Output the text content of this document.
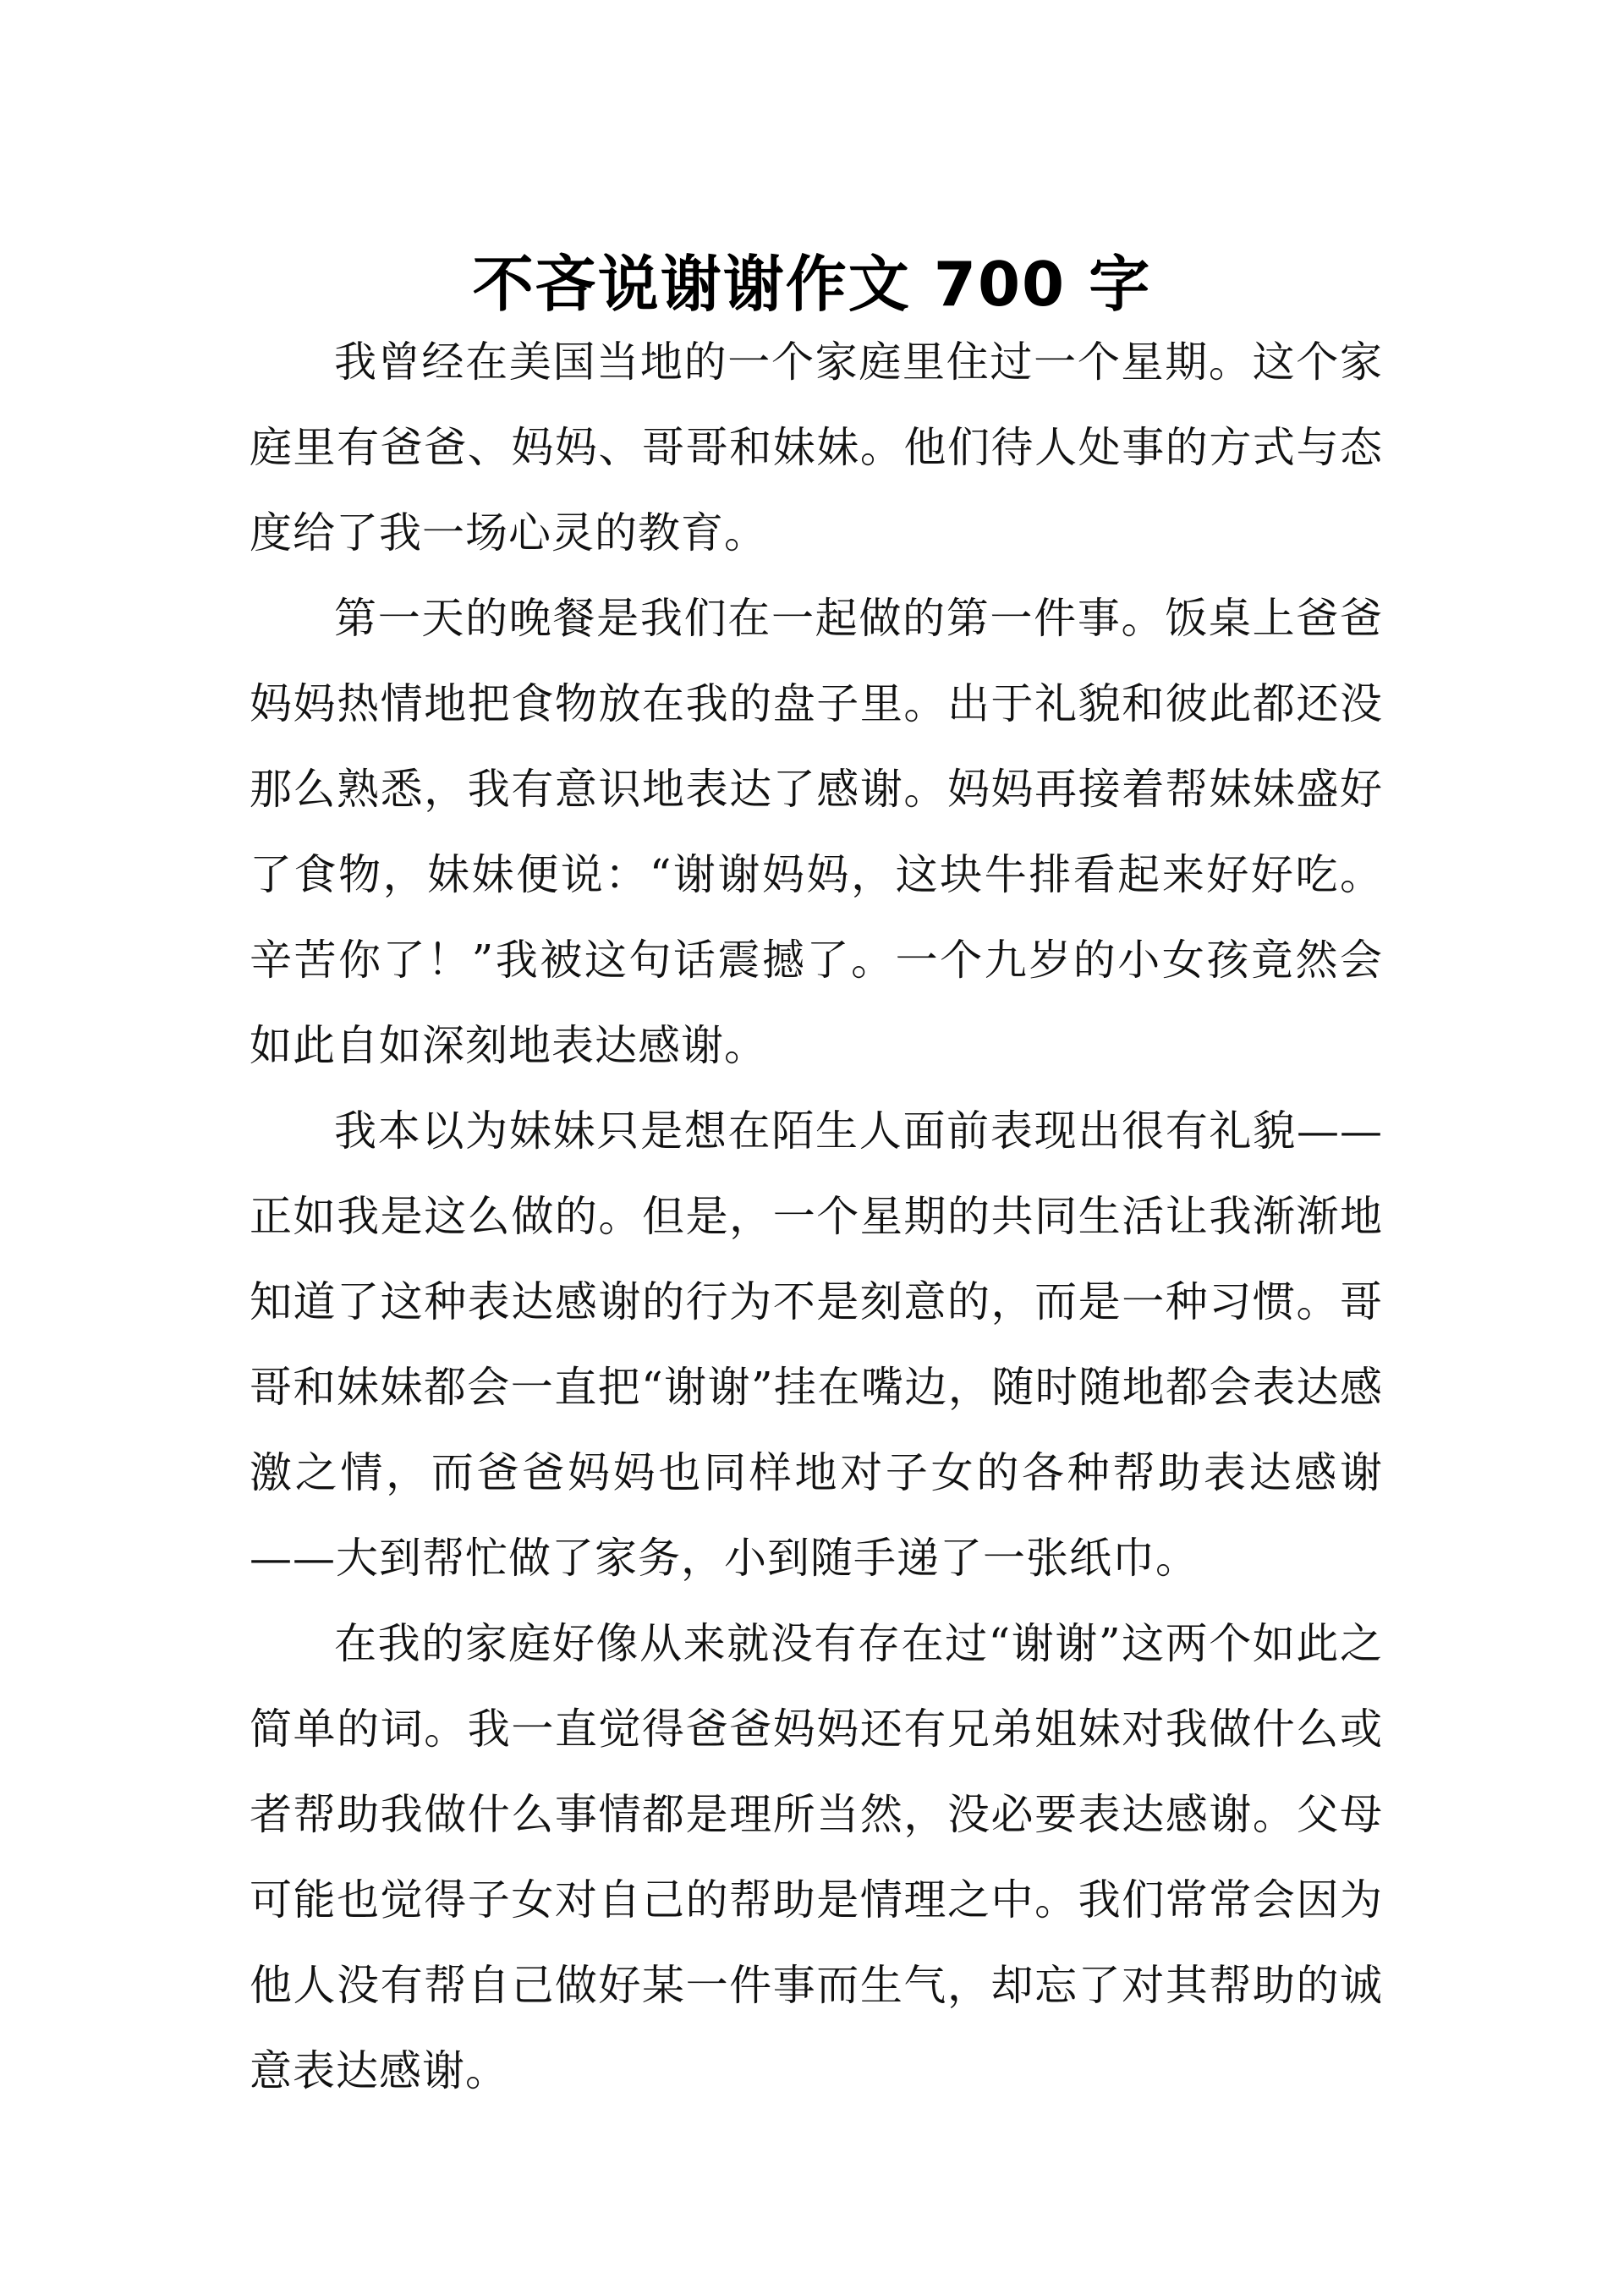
不吝说谢谢作文 700 字

我曾经在美国当地的一个家庭里住过一个星期。这个家庭里有爸爸、妈妈、哥哥和妹妹。他们待人处事的方式与态度给了我一场心灵的教育。

第一天的晚餐是我们在一起做的第一件事。饭桌上爸爸妈妈热情地把食物放在我的盘子里。出于礼貌和彼此都还没那么熟悉，我有意识地表达了感谢。妈妈再接着帮妹妹盛好了食物，妹妹便说：“谢谢妈妈，这块牛排看起来好好吃。辛苦你了！”我被这句话震撼了。一个九岁的小女孩竟然会如此自如深刻地表达感谢。

我本以为妹妹只是想在陌生人面前表现出很有礼貌——正如我是这么做的。但是，一个星期的共同生活让我渐渐地知道了这种表达感谢的行为不是刻意的，而是一种习惯。哥哥和妹妹都会一直把“谢谢”挂在嘴边，随时随地都会表达感激之情，而爸爸妈妈也同样地对子女的各种帮助表达感谢——大到帮忙做了家务，小到随手递了一张纸巾。

在我的家庭好像从来就没有存在过“谢谢”这两个如此之简单的词。我一直觉得爸爸妈妈还有兄弟姐妹对我做什么或者帮助我做什么事情都是理所当然，没必要表达感谢。父母可能也觉得子女对自己的帮助是情理之中。我们常常会因为他人没有帮自己做好某一件事而生气，却忘了对其帮助的诚意表达感谢。
